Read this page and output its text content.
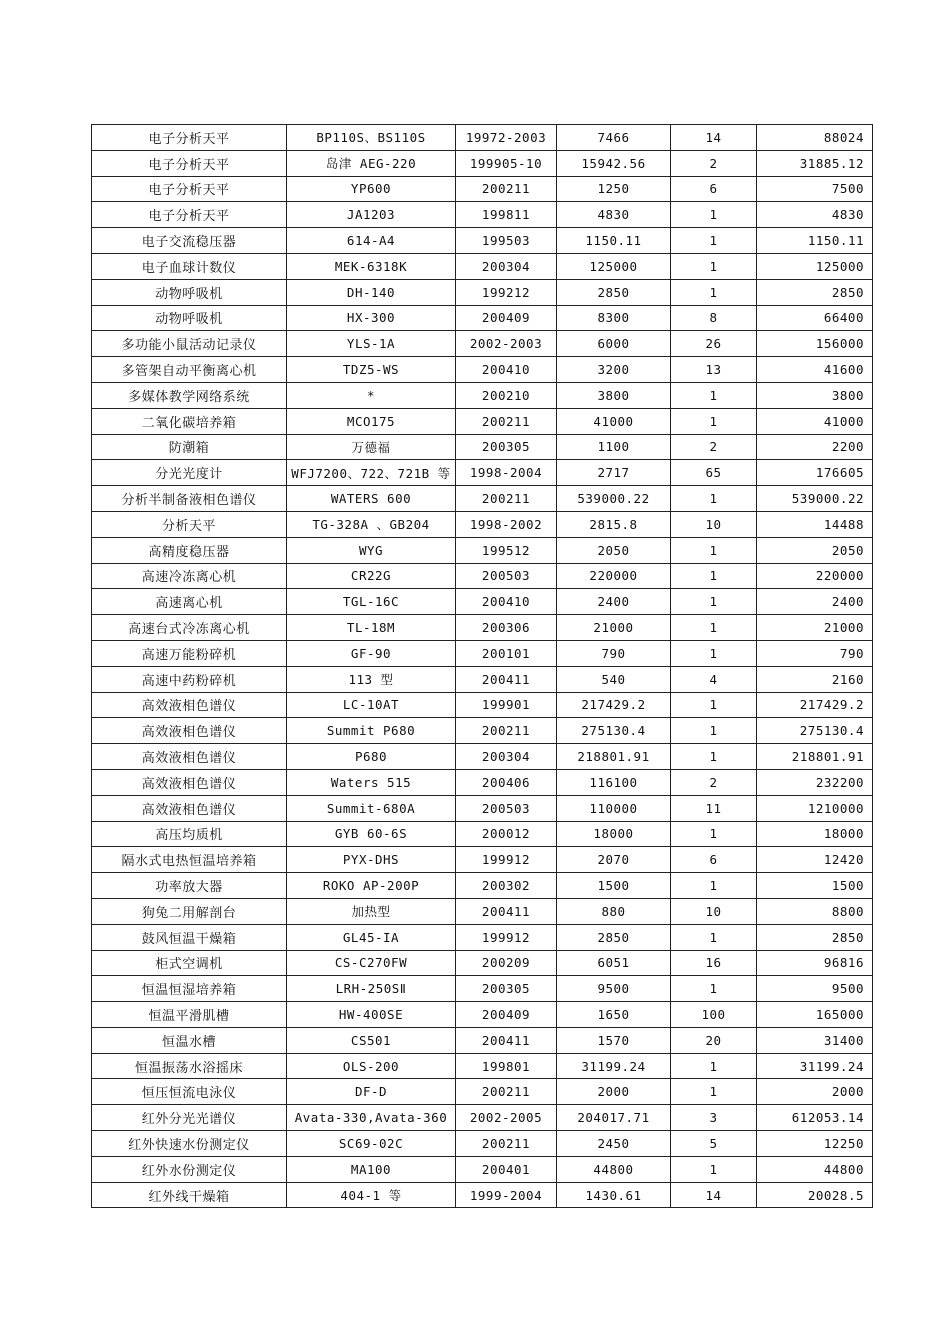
电子分析天平	BP110S、BS110S	19972-2003	7466	14	88024
电子分析天平	岛津 AEG-220	199905-10	15942.56	2	31885.12
电子分析天平	YP600	200211	1250	6	7500
电子分析天平	JA1203	199811	4830	1	4830
电子交流稳压器	614-A4	199503	1150.11	1	1150.11
电子血球计数仪	MEK-6318K	200304	125000	1	125000
动物呼吸机	DH-140	199212	2850	1	2850
动物呼吸机	HX-300	200409	8300	8	66400
多功能小鼠活动记录仪	YLS-1A	2002-2003	6000	26	156000
多管架自动平衡离心机	TDZ5-WS	200410	3200	13	41600
多媒体教学网络系统	*	200210	3800	1	3800
二氧化碳培养箱	MCO175	200211	41000	1	41000
防潮箱	万德福	200305	1100	2	2200
分光光度计	WFJ7200、722、721B 等	1998-2004	2717	65	176605
分析半制备液相色谱仪	WATERS 600	200211	539000.22	1	539000.22
分析天平	TG-328A 、GB204	1998-2002	2815.8	10	14488
高精度稳压器	WYG	199512	2050	1	2050
高速冷冻离心机	CR22G	200503	220000	1	220000
高速离心机	TGL-16C	200410	2400	1	2400
高速台式冷冻离心机	TL-18M	200306	21000	1	21000
高速万能粉碎机	GF-90	200101	790	1	790
高速中药粉碎机	113 型	200411	540	4	2160
高效液相色谱仪	LC-10AT	199901	217429.2	1	217429.2
高效液相色谱仪	Summit P680	200211	275130.4	1	275130.4
高效液相色谱仪	P680	200304	218801.91	1	218801.91
高效液相色谱仪	Waters 515	200406	116100	2	232200
高效液相色谱仪	Summit-680A	200503	110000	11	1210000
高压均质机	GYB 60-6S	200012	18000	1	18000
隔水式电热恒温培养箱	PYX-DHS	199912	2070	6	12420
功率放大器	ROKO AP-200P	200302	1500	1	1500
狗兔二用解剖台	加热型	200411	880	10	8800
鼓风恒温干燥箱	GL45-IA	199912	2850	1	2850
柜式空调机	CS-C270FW	200209	6051	16	96816
恒温恒湿培养箱	LRH-250SⅡ	200305	9500	1	9500
恒温平滑肌槽	HW-400SE	200409	1650	100	165000
恒温水槽	CS501	200411	1570	20	31400
恒温振荡水浴摇床	OLS-200	199801	31199.24	1	31199.24
恒压恒流电泳仪	DF-D	200211	2000	1	2000
红外分光光谱仪	Avata-330,Avata-360	2002-2005	204017.71	3	612053.14
红外快速水份测定仪	SC69-02C	200211	2450	5	12250
红外水份测定仪	MA100	200401	44800	1	44800
红外线干燥箱	404-1 等	1999-2004	1430.61	14	20028.5
